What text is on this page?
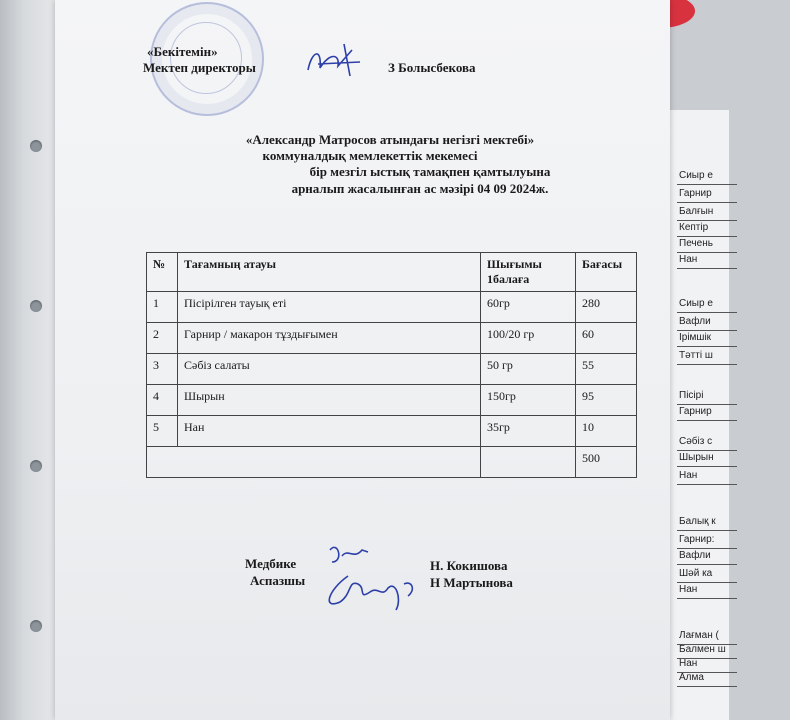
Сиыр е
Гарнир
Балғын
Кептір
Печень
Нан
Сиыр е
Вафли
Ірімшік
Тәтті ш
Пісірі
Гарнир
Сәбіз с
Шырын
Нан
Балық к
Гарнир:
Вафли
Шәй ка
Нан
Лағман (
Балмен ш
Нан
Алма
«Бекітемін»
Мектеп директоры	З Болысбекова
«Александр Матросов атындағы негізгі мектебі»
коммуналдық мемлекеттік мекемесі
бір мезгіл ыстық тамақпен қамтылуына
арналып жасалынған ас мәзірі 04 09 2024ж.
№	Тағамның атауы	Шығымы 1балаға	Бағасы
1	Пісірілген тауық еті	60гр	280
2	Гарнир / макарон тұздығымен	100/20 гр	60
3	Сәбіз салаты	50 гр	55
4	Шырын	150гр	95
5	Нан	35гр	10
			500
Медбике
Аспазшы
Н. Кокишова
Н Мартынова
